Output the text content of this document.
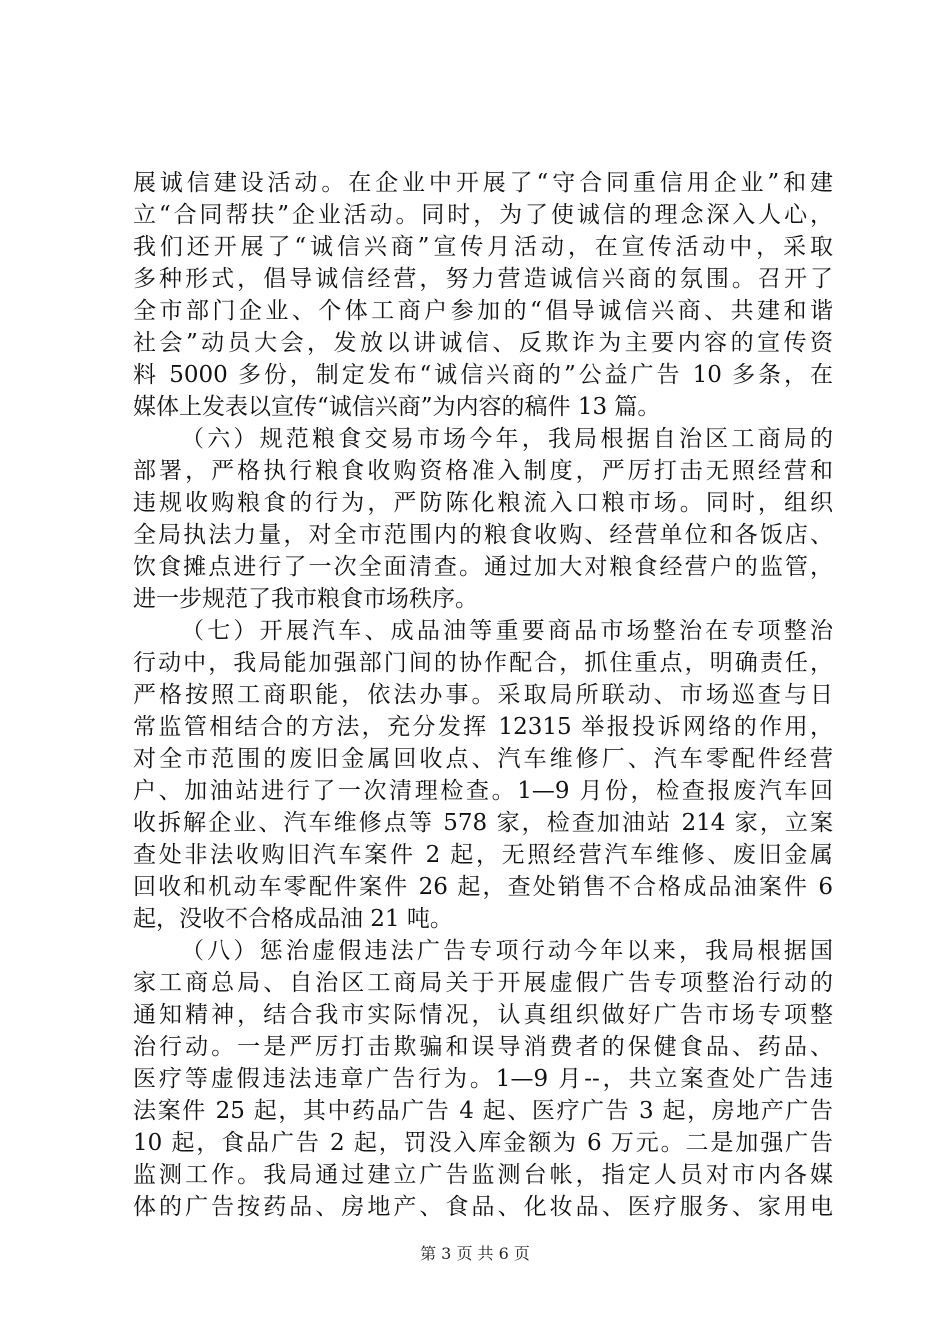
展诚信建设活动。在企业中开展了“守合同重信用企业”和建
立“合同帮扶”企业活动。同时，为了使诚信的理念深入人心，
我们还开展了“诚信兴商”宣传月活动，在宣传活动中，采取
多种形式，倡导诚信经营，努力营造诚信兴商的氛围。召开了
全市部门企业、个体工商户参加的“倡导诚信兴商、共建和谐
社会”动员大会，发放以讲诚信、反欺诈为主要内容的宣传资
料 5000 多份，制定发布“诚信兴商的”公益广告 10 多条，在
媒体上发表以宣传“诚信兴商”为内容的稿件 13 篇。
（六）规范粮食交易市场今年，我局根据自治区工商局的
部署，严格执行粮食收购资格准入制度，严厉打击无照经营和
违规收购粮食的行为，严防陈化粮流入口粮市场。同时，组织
全局执法力量，对全市范围内的粮食收购、经营单位和各饭店、
饮食摊点进行了一次全面清查。通过加大对粮食经营户的监管，
进一步规范了我市粮食市场秩序。
（七）开展汽车、成品油等重要商品市场整治在专项整治
行动中，我局能加强部门间的协作配合，抓住重点，明确责任，
严格按照工商职能，依法办事。采取局所联动、市场巡查与日
常监管相结合的方法，充分发挥 12315 举报投诉网络的作用，
对全市范围的废旧金属回收点、汽车维修厂、汽车零配件经营
户、加油站进行了一次清理检查。1—9 月份，检查报废汽车回
收拆解企业、汽车维修点等 578 家，检查加油站 214 家，立案
查处非法收购旧汽车案件 2 起，无照经营汽车维修、废旧金属
回收和机动车零配件案件 26 起，查处销售不合格成品油案件 6
起，没收不合格成品油 21 吨。
（八）惩治虚假违法广告专项行动今年以来，我局根据国
家工商总局、自治区工商局关于开展虚假广告专项整治行动的
通知精神，结合我市实际情况，认真组织做好广告市场专项整
治行动。一是严厉打击欺骗和误导消费者的保健食品、药品、
医疗等虚假违法违章广告行为。1—9 月--，共立案查处广告违
法案件 25 起，其中药品广告 4 起、医疗广告 3 起，房地产广告
10 起，食品广告 2 起，罚没入库金额为 6 万元。二是加强广告
监测工作。我局通过建立广告监测台帐，指定人员对市内各媒
体的广告按药品、房地产、食品、化妆品、医疗服务、家用电
第 3 页 共 6 页
